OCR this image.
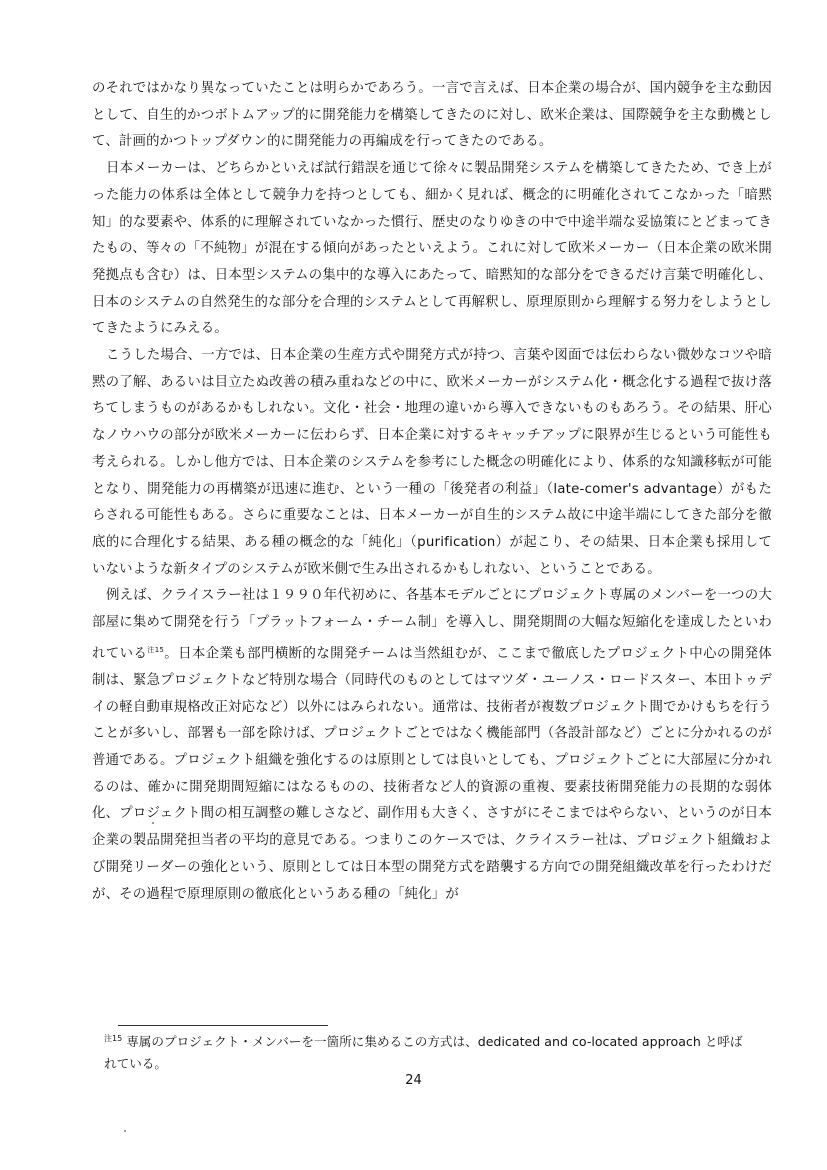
のそれではかなり異なっていたことは明らかであろう。一言で言えば、日本企業の場合が、国内競争を主な動因として、自生的かつボトムアップ的に開発能力を構築してきたのに対し、欧米企業は、国際競争を主な動機として、計画的かつトップダウン的に開発能力の再編成を行ってきたのである。

日本メーカーは、どちらかといえば試行錯誤を通じて徐々に製品開発システムを構築してきたため、でき上がった能力の体系は全体として競争力を持つとしても、細かく見れば、概念的に明確化されてこなかった「暗黙知」的な要素や、体系的に理解されていなかった慣行、歴史のなりゆきの中で中途半端な妥協策にとどまってきたもの、等々の「不純物」が混在する傾向があったといえよう。これに対して欧米メーカー（日本企業の欧米開発拠点も含む）は、日本型システムの集中的な導入にあたって、暗黙知的な部分をできるだけ言葉で明確化し、日本のシステムの自然発生的な部分を合理的システムとして再解釈し、原理原則から理解する努力をしようとしてきたようにみえる。

こうした場合、一方では、日本企業の生産方式や開発方式が持つ、言葉や図面では伝わらない微妙なコツや暗黙の了解、あるいは目立たぬ改善の積み重ねなどの中に、欧米メーカーがシステム化・概念化する過程で抜け落ちてしまうものがあるかもしれない。文化・社会・地理の違いから導入できないものもあろう。その結果、肝心なノウハウの部分が欧米メーカーに伝わらず、日本企業に対するキャッチアップに限界が生じるという可能性も考えられる。しかし他方では、日本企業のシステムを参考にした概念の明確化により、体系的な知識移転が可能となり、開発能力の再構築が迅速に進む、という一種の「後発者の利益」（late-comer's advantage）がもたらされる可能性もある。さらに重要なことは、日本メーカーが自生的システム故に中途半端にしてきた部分を徹底的に合理化する結果、ある種の概念的な「純化」（purification）が起こり、その結果、日本企業も採用していないような新タイプのシステムが欧米側で生み出されるかもしれない、ということである。

例えば、クライスラー社は１９９０年代初めに、各基本モデルごとにプロジェクト専属のメンバーを一つの大部屋に集めて開発を行う「プラットフォーム・チーム制」を導入し、開発期間の大幅な短縮化を達成したといわれている$^{注15}$。日本企業も部門横断的な開発チームは当然組むが、ここまで徹底したプロジェクト中心の開発体制は、緊急プロジェクトなど特別な場合（同時代のものとしてはマツダ・ユーノス・ロードスター、本田トゥデイの軽自動車規格改正対応など）以外にはみられない。通常は、技術者が複数プロジェクト間でかけもちを行うことが多いし、部署も一部を除けば、プロジェクトごとではなく機能部門（各設計部など）ごとに分かれるのが普通である。プロジェクト組織を強化するのは原則としては良いとしても、プロジェクトごとに大部屋に分かれるのは、確かに開発期間短縮にはなるものの、技術者など人的資源の重複、要素技術開発能力の長期的な弱体化、プロジェクト間の相互調整の難しさなど、副作用も大きく、さすがにそこまではやらない、というのが日本企業の製品開発担当者の平均的意見である。つまりこのケースでは、クライスラー社は、プロジェクト組織および開発リーダーの強化という、原則としては日本型の開発方式を踏襲する方向での開発組織改革を行ったわけだが、その過程で原理原則の徹底化というある種の「純化」が

$^{注15}$ 専属のプロジェクト・メンバーを一箇所に集めるこの方式は、dedicated and co-located approach と呼ばれている。

24
